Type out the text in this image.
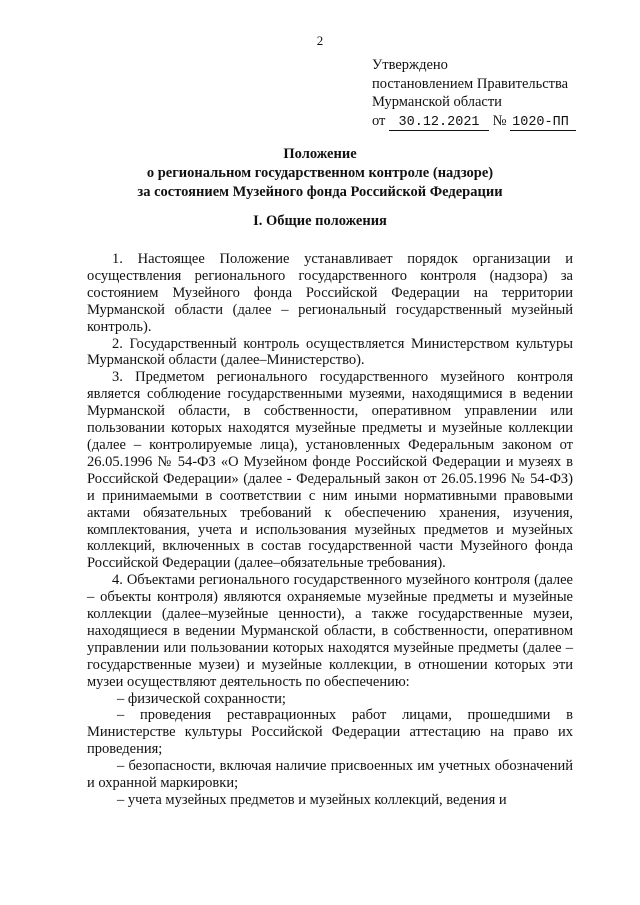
2
Утверждено
постановлением Правительства
Мурманской области
от 30.12.2021 № 1020-ПП
Положение
о региональном государственном контроле (надзоре)
за состоянием Музейного фонда Российской Федерации
I. Общие положения

1. Настоящее Положение устанавливает порядок организации и осуществления регионального государственного контроля (надзора) за состоянием Музейного фонда Российской Федерации на территории Мурманской области (далее – региональный государственный музейный контроль).

2. Государственный контроль осуществляется Министерством культуры Мурманской области (далее–Министерство).

3. Предметом регионального государственного музейного контроля является соблюдение государственными музеями, находящимися в ведении Мурманской области, в собственности, оперативном управлении или пользовании которых находятся музейные предметы и музейные коллекции (далее – контролируемые лица), установленных Федеральным законом от 26.05.1996 № 54-ФЗ «О Музейном фонде Российской Федерации и музеях в Российской Федерации» (далее - Федеральный закон от 26.05.1996 № 54-ФЗ) и принимаемыми в соответствии с ним иными нормативными правовыми актами обязательных требований к обеспечению хранения, изучения, комплектования, учета и использования музейных предметов и музейных коллекций, включенных в состав государственной части Музейного фонда Российской Федерации (далее–обязательные требования).

4. Объектами регионального государственного музейного контроля (далее – объекты контроля) являются охраняемые музейные предметы и музейные коллекции (далее–музейные ценности), а также государственные музеи, находящиеся в ведении Мурманской области, в собственности, оперативном управлении или пользовании которых находятся музейные предметы (далее – государственные музеи) и музейные коллекции, в отношении которых эти музеи осуществляют деятельность по обеспечению:

– физической сохранности;

– проведения реставрационных работ лицами, прошедшими в Министерстве культуры Российской Федерации аттестацию на право их проведения;

– безопасности, включая наличие присвоенных им учетных обозначений и охранной маркировки;

– учета музейных предметов и музейных коллекций, ведения и
